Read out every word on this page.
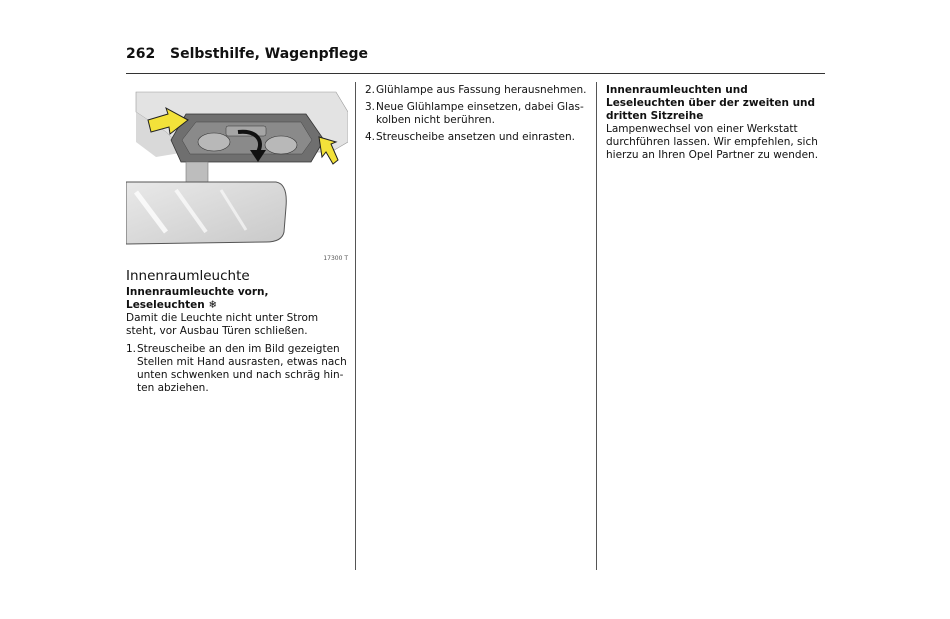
262 Selbsthilfe, Wagenpflege
17300 T
Innenraumleuchte
Innenraumleuchte vorn, Leseleuchten ❄
Damit die Leuchte nicht unter Strom steht, vor Ausbau Türen schließen.
1. Streuscheibe an den im Bild gezeigten Stellen mit Hand ausrasten, etwas nach unten schwenken und nach schräg hin-ten abziehen.
2. Glühlampe aus Fassung herausnehmen.
3. Neue Glühlampe einsetzen, dabei Glas-kolben nicht berühren.
4. Streuscheibe ansetzen und einrasten.
Innenraumleuchten und Leseleuchten über der zweiten und dritten Sitzreihe
Lampenwechsel von einer Werkstatt durchführen lassen. Wir empfehlen, sich hierzu an Ihren Opel Partner zu wenden.
